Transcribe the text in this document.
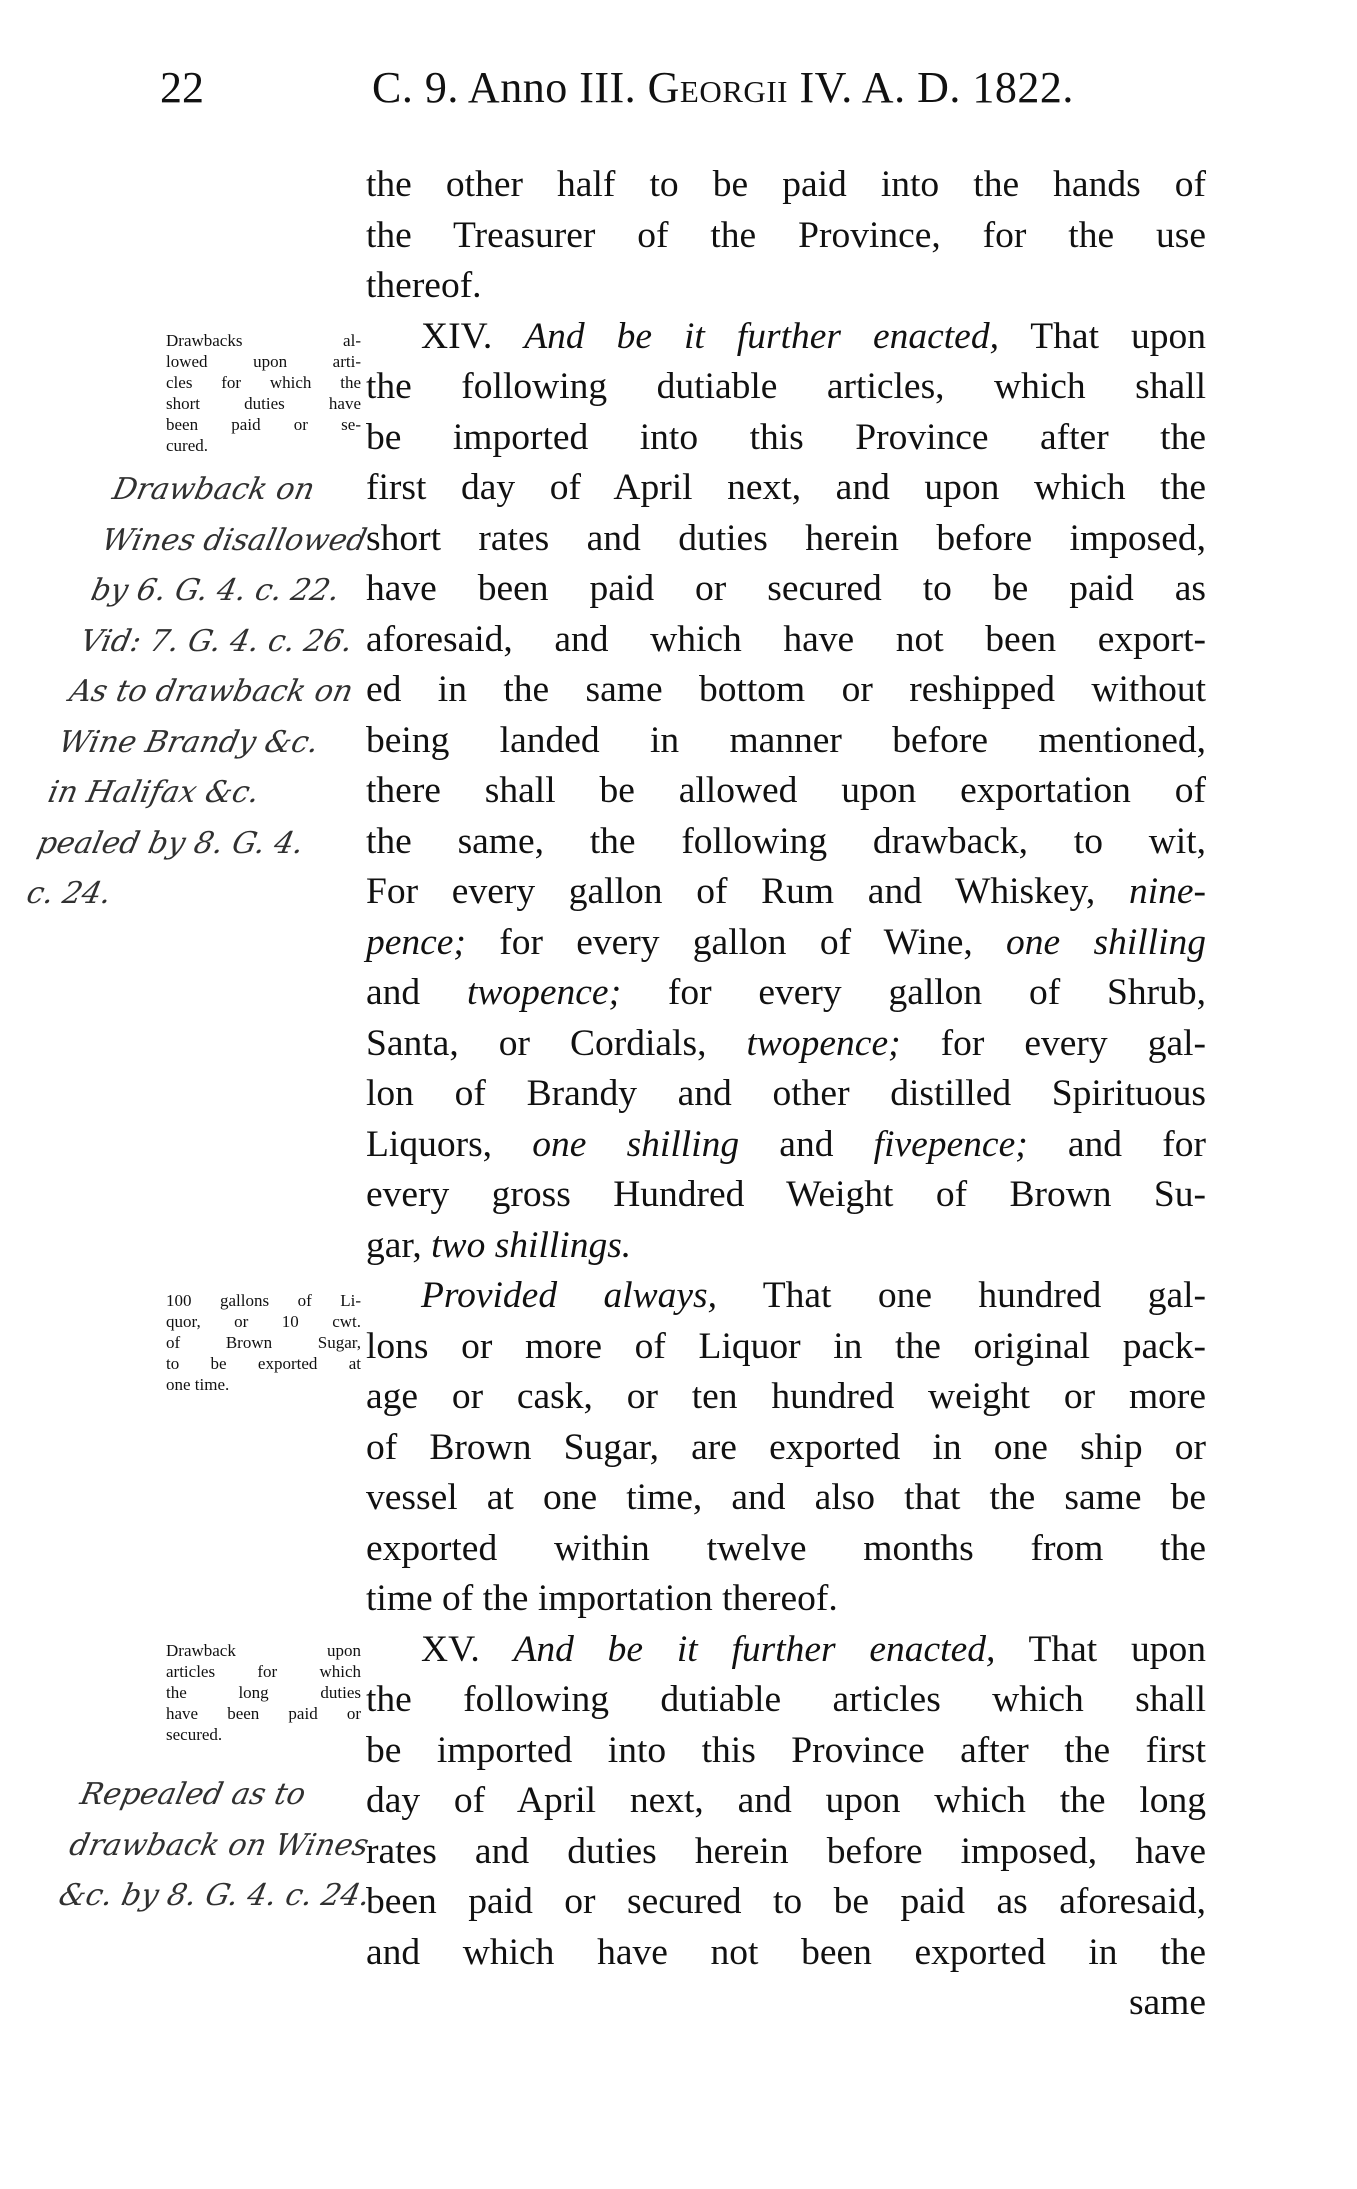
22	C. 9. Anno III. Georgii IV. A. D. 1822.
the other half to be paid into the hands of
the Treasurer of the Province, for the use
thereof.
XIV. And be it further enacted, That upon
the following dutiable articles, which shall
be imported into this Province after the
first day of April next, and upon which the
short rates and duties herein before imposed,
have been paid or secured to be paid as
aforesaid, and which have not been export-
ed in the same bottom or reshipped without
being landed in manner before mentioned,
there shall be allowed upon exportation of
the same, the following drawback, to wit,
For every gallon of Rum and Whiskey, nine-
pence; for every gallon of Wine, one shilling
and twopence; for every gallon of Shrub,
Santa, or Cordials, twopence; for every gal-
lon of Brandy and other distilled Spirituous
Liquors, one shilling and fivepence; and for
every gross Hundred Weight of Brown Su-
gar, two shillings.
Provided always, That one hundred gal-
lons or more of Liquor in the original pack-
age or cask, or ten hundred weight or more
of Brown Sugar, are exported in one ship or
vessel at one time, and also that the same be
exported within twelve months from the
time of the importation thereof.
XV. And be it further enacted, That upon
the following dutiable articles which shall
be imported into this Province after the first
day of April next, and upon which the long
rates and duties herein before imposed, have
been paid or secured to be paid as aforesaid,
and which have not been exported in the
same
Drawbacks al-
lowed upon arti-
cles for which the
short duties have
been paid or se-
cured.
Drawback on
Wines disallowed
by 6. G. 4. c. 22.
Vid: 7. G. 4. c. 26.
As to drawback on
Wine Brandy &c.
in Halifax &c.
pealed by 8. G. 4.
c. 24.
100 gallons of Li-
quor, or 10 cwt.
of Brown Sugar,
to be exported at
one time.
Drawback upon
articles for which
the long duties
have been paid or
secured.
Repealed as to
drawback on Wines
&c. by 8. G. 4. c. 24.
